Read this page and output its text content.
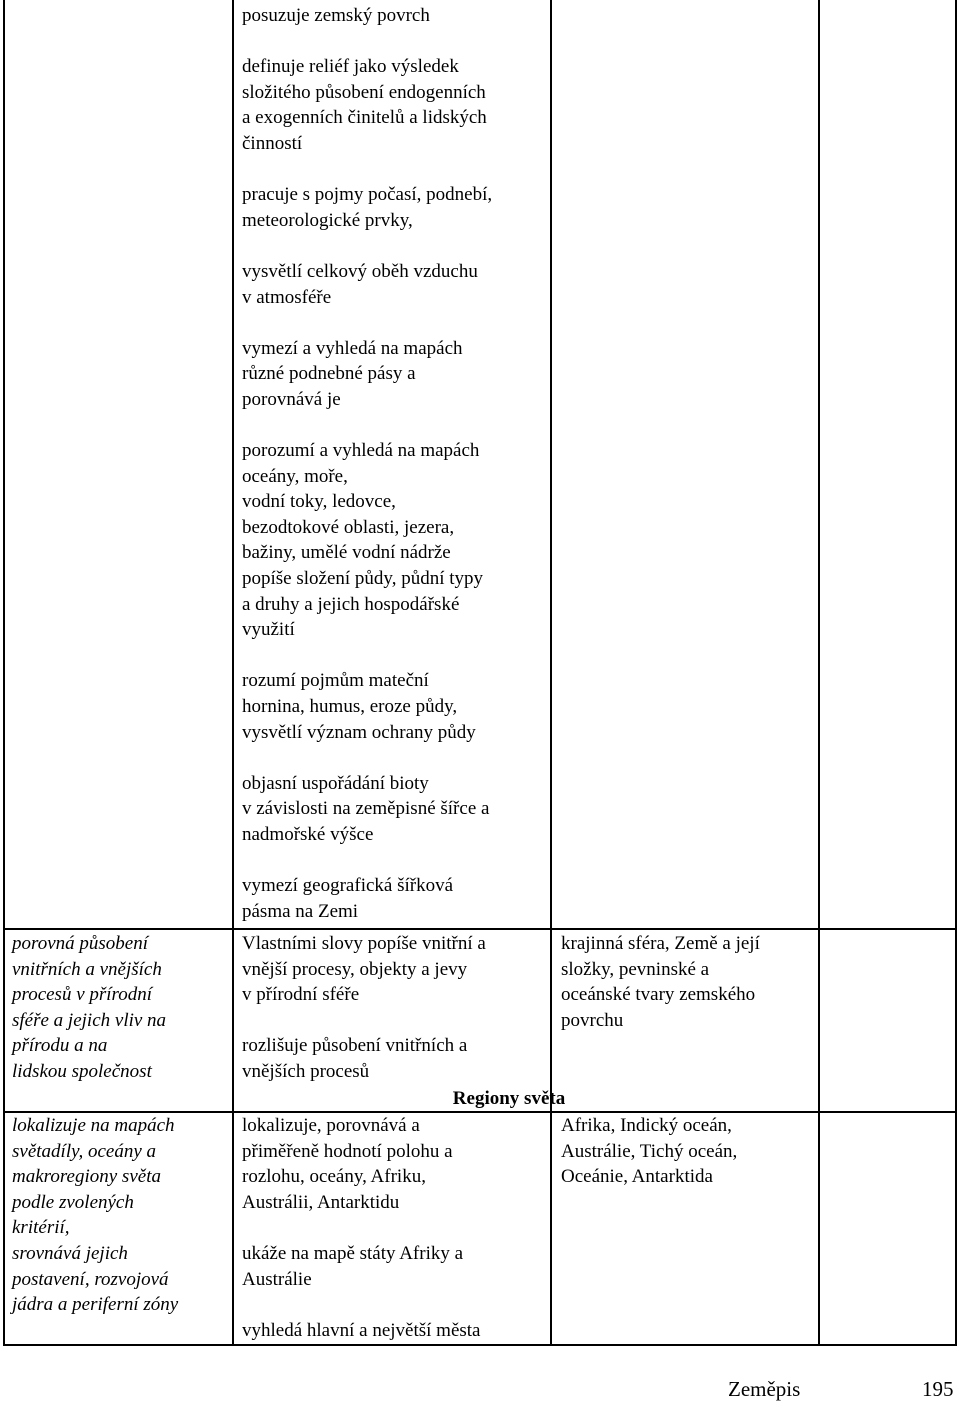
posuzuje zemský povrch

definuje reliéf jako výsledek

složitého působení endogenních

a exogenních činitelů a lidských

činností

pracuje s pojmy počasí, podnebí,

meteorologické prvky,

vysvětlí celkový oběh vzduchu

v atmosféře

vymezí a vyhledá na mapách

různé podnebné pásy a

porovnává je

porozumí a vyhledá na mapách

oceány, moře,

vodní toky, ledovce,

bezodtokové oblasti, jezera,

bažiny, umělé vodní nádrže

popíše složení půdy, půdní typy

a druhy a jejich hospodářské

využití

rozumí pojmům mateční

hornina, humus, eroze půdy,

vysvětlí význam ochrany půdy

objasní uspořádání bioty

v závislosti na zeměpisné šířce a

nadmořské výšce

vymezí geografická šířková

pásma na Zemi

porovná působení

vnitřních a vnějších

procesů v přírodní

sféře a jejich vliv na

přírodu a na

lidskou společnost

Vlastními slovy popíše vnitřní a

vnější procesy, objekty a jevy

v přírodní sféře

rozlišuje působení vnitřních a

vnějších procesů

krajinná sféra, Země a její

složky, pevninské a

oceánské tvary zemského

povrchu

Regiony světa

lokalizuje na mapách

světadíly, oceány a

makroregiony světa

podle zvolených

kritérií,

srovnává jejich

postavení, rozvojová

jádra a periferní zóny

lokalizuje, porovnává a

přiměřeně hodnotí polohu a

rozlohu, oceány, Afriku,

Austrálii, Antarktidu

ukáže na mapě státy Afriky a

Austrálie

vyhledá hlavní a největší města

Afrika, Indický oceán,

Austrálie, Tichý oceán,

Oceánie, Antarktida

Zeměpis	195
